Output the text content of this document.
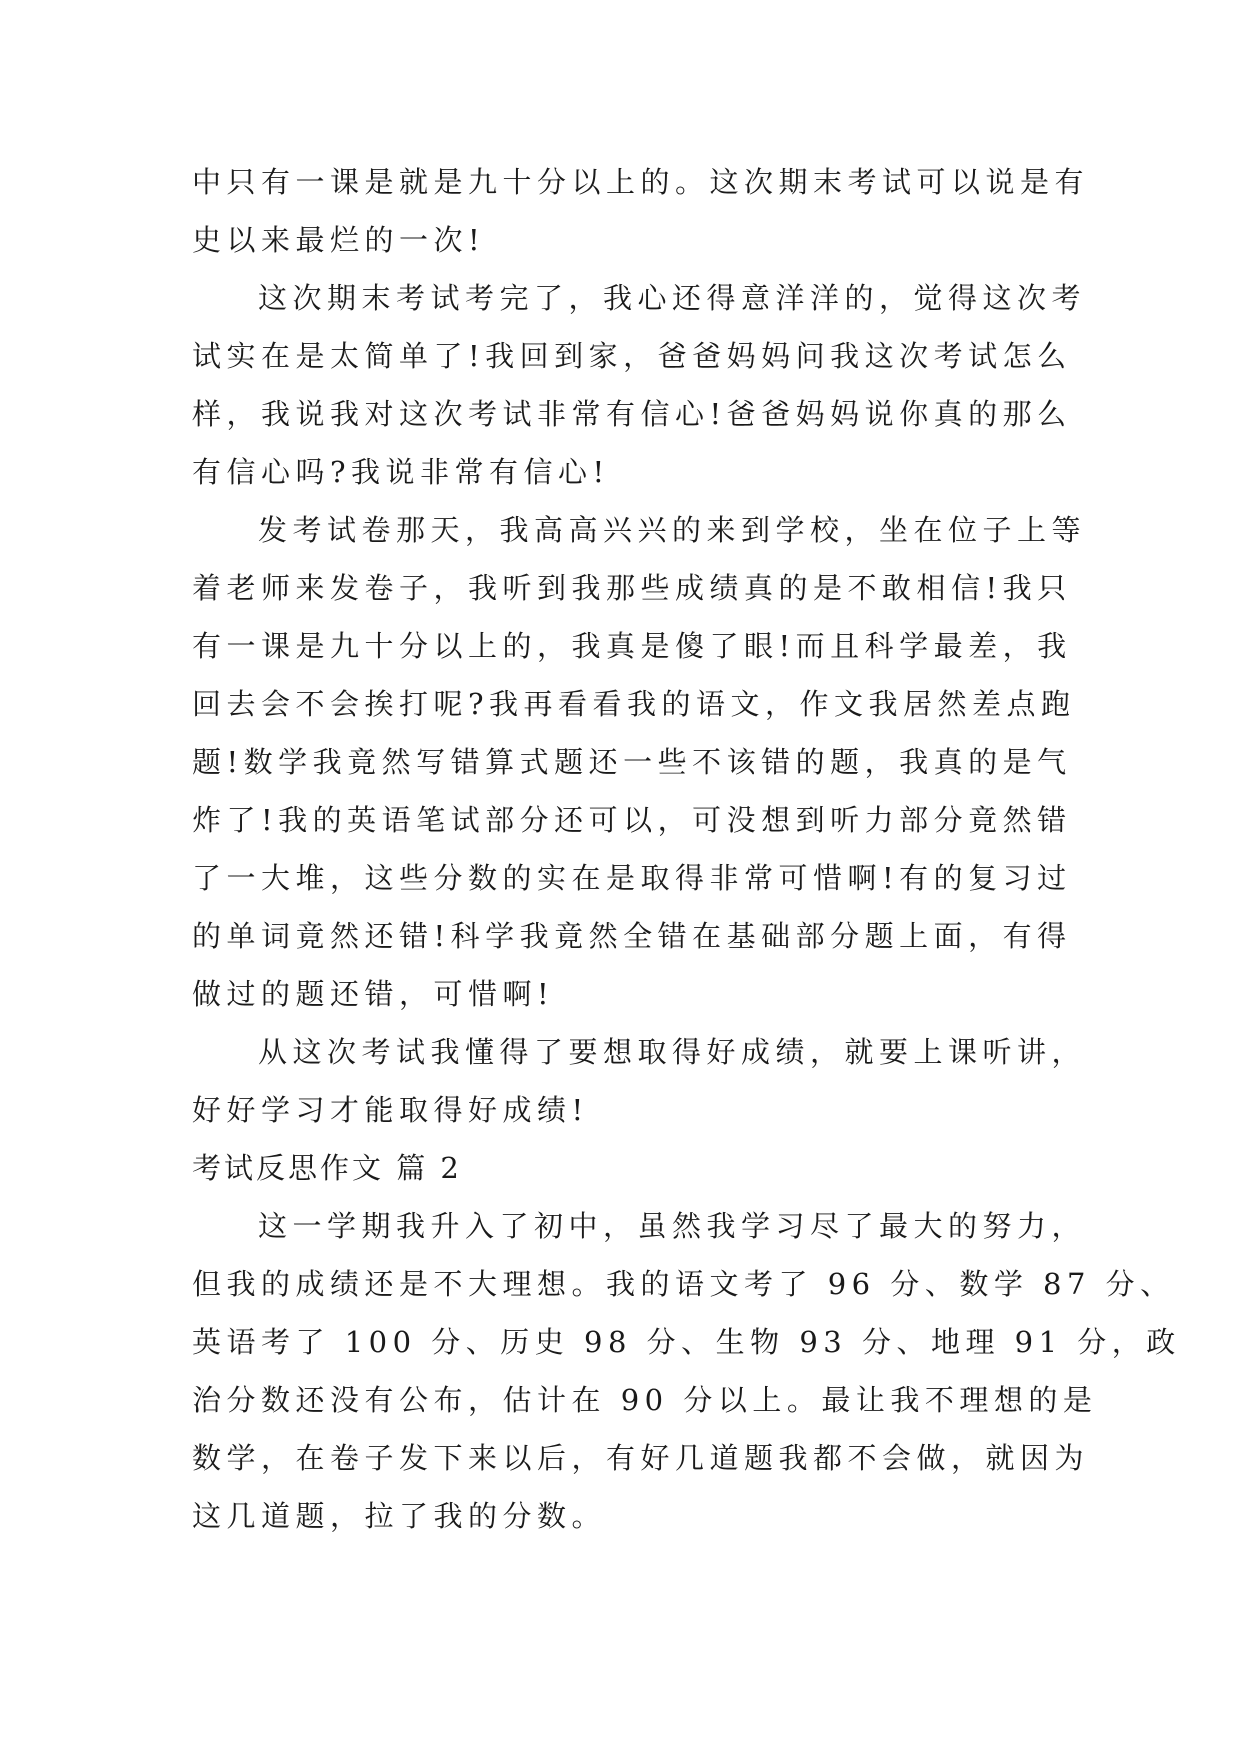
中只有一课是就是九十分以上的。这次期末考试可以说是有
史以来最烂的一次!
这次期末考试考完了，我心还得意洋洋的，觉得这次考
试实在是太简单了!我回到家，爸爸妈妈问我这次考试怎么
样，我说我对这次考试非常有信心!爸爸妈妈说你真的那么
有信心吗?我说非常有信心!
发考试卷那天，我高高兴兴的来到学校，坐在位子上等
着老师来发卷子，我听到我那些成绩真的是不敢相信!我只
有一课是九十分以上的，我真是傻了眼!而且科学最差，我
回去会不会挨打呢?我再看看我的语文，作文我居然差点跑
题!数学我竟然写错算式题还一些不该错的题，我真的是气
炸了!我的英语笔试部分还可以，可没想到听力部分竟然错
了一大堆，这些分数的实在是取得非常可惜啊!有的复习过
的单词竟然还错!科学我竟然全错在基础部分题上面，有得
做过的题还错，可惜啊!
从这次考试我懂得了要想取得好成绩，就要上课听讲，
好好学习才能取得好成绩!
考试反思作文 篇 2
这一学期我升入了初中，虽然我学习尽了最大的努力，
但我的成绩还是不大理想。我的语文考了 96 分、数学 87 分、
英语考了 100 分、历史 98 分、生物 93 分、地理 91 分，政
治分数还没有公布，估计在 90 分以上。最让我不理想的是
数学，在卷子发下来以后，有好几道题我都不会做，就因为
这几道题，拉了我的分数。
